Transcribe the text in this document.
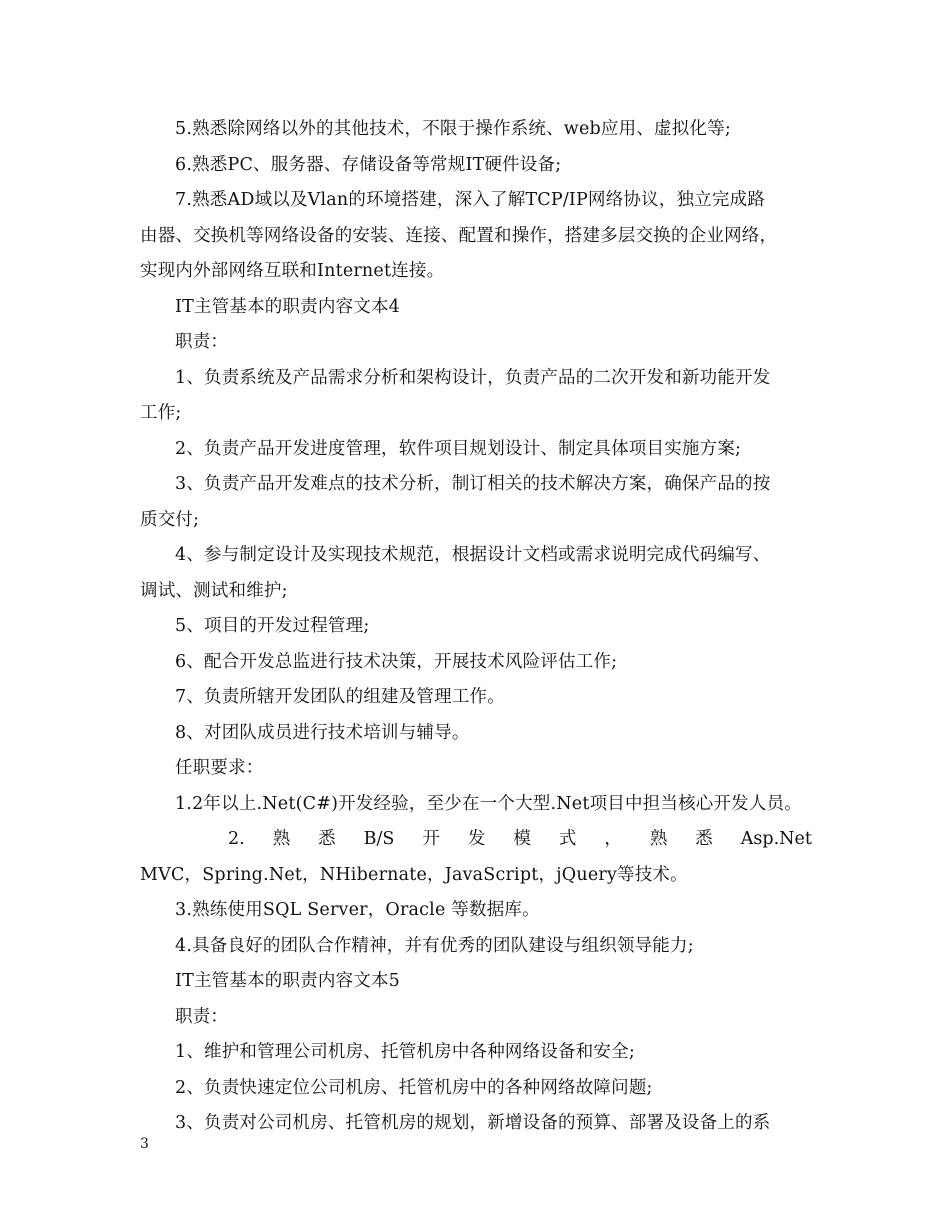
5.熟悉除网络以外的其他技术，不限于操作系统、web应用、虚拟化等;

6.熟悉PC、服务器、存储设备等常规IT硬件设备;

7.熟悉AD域以及Vlan的环境搭建，深入了解TCP/IP网络协议，独立完成路

由器、交换机等网络设备的安装、连接、配置和操作，搭建多层交换的企业网络，

实现内外部网络互联和Internet连接。

IT主管基本的职责内容文本4

职责：

1、负责系统及产品需求分析和架构设计，负责产品的二次开发和新功能开发

工作;

2、负责产品开发进度管理，软件项目规划设计、制定具体项目实施方案;

3、负责产品开发难点的技术分析，制订相关的技术解决方案，确保产品的按

质交付;

4、参与制定设计及实现技术规范，根据设计文档或需求说明完成代码编写、

调试、测试和维护;

5、项目的开发过程管理;

6、配合开发总监进行技术决策，开展技术风险评估工作;

7、负责所辖开发团队的组建及管理工作。

8、对团队成员进行技术培训与辅导。

任职要求：

1.2年以上.Net(C#)开发经验，至少在一个大型.Net项目中担当核心开发人员。

2. 熟 悉 B/S 开 发 模 式 ， 熟 悉 Asp.Net

MVC，Spring.Net，NHibernate，JavaScript，jQuery等技术。

3.熟练使用SQL Server，Oracle 等数据库。

4.具备良好的团队合作精神，并有优秀的团队建设与组织领导能力;

IT主管基本的职责内容文本5

职责：

1、维护和管理公司机房、托管机房中各种网络设备和安全;

2、负责快速定位公司机房、托管机房中的各种网络故障问题;

3、负责对公司机房、托管机房的规划，新增设备的预算、部署及设备上的系

3
